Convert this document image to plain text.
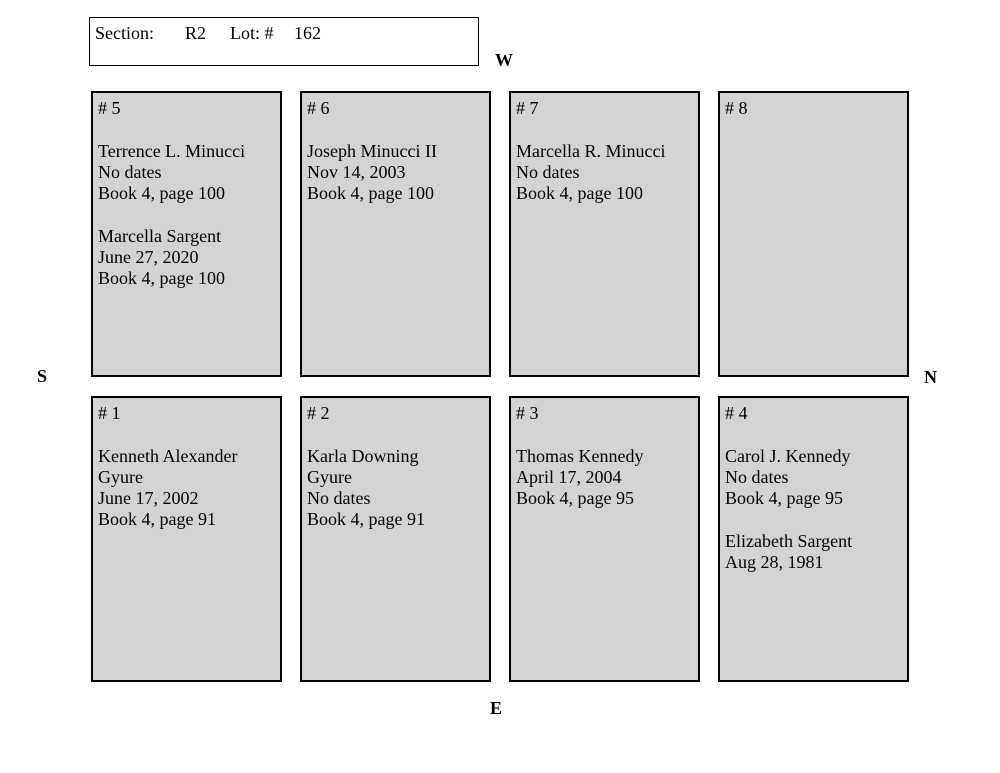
Section: R2 Lot: # 162
W
E
S	N
# 5
Terrence L. Minucci
No dates
Book 4, page 100
Marcella Sargent
June 27, 2020
Book 4, page 100
# 6
Joseph Minucci II
Nov 14, 2003
Book 4, page 100
# 7
Marcella R. Minucci
No dates
Book 4, page 100
# 8
# 1
Kenneth Alexander
Gyure
June 17, 2002
Book 4, page 91
# 2
Karla Downing
Gyure
No dates
Book 4, page 91
# 3
Thomas Kennedy
April 17, 2004
Book 4, page 95
# 4
Carol J. Kennedy
No dates
Book 4, page 95
Elizabeth Sargent
Aug 28, 1981
